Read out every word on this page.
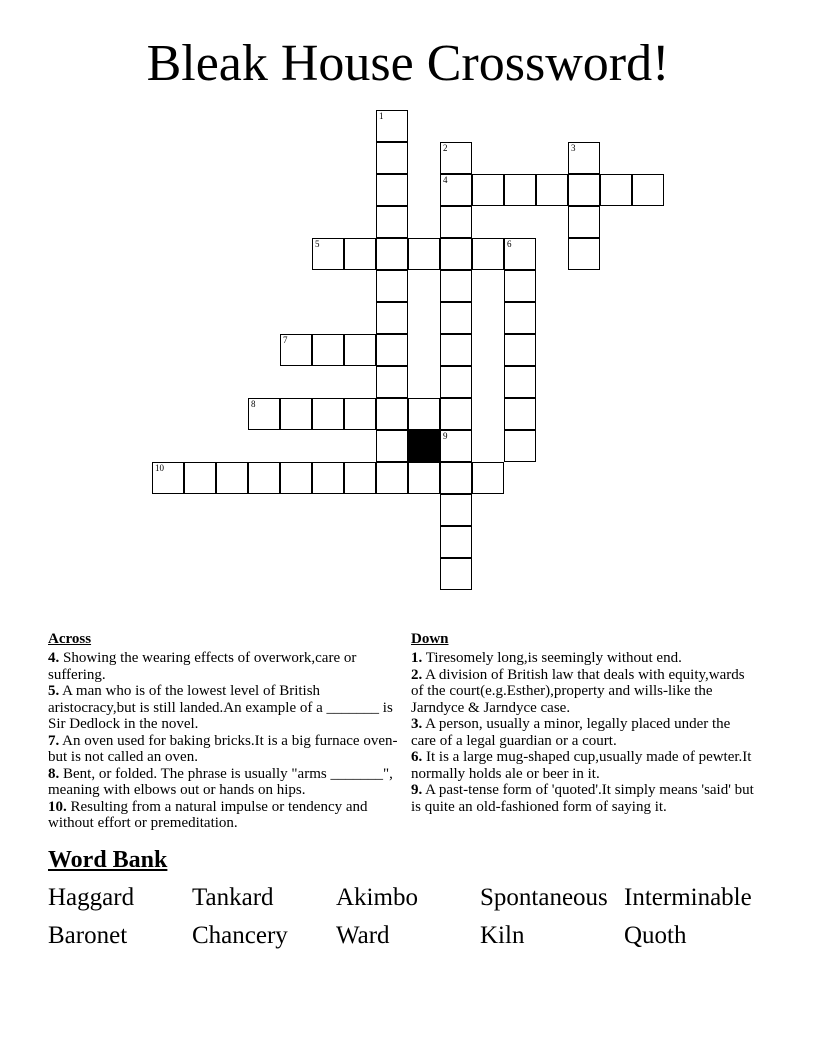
Bleak House Crossword!
1
2	3
4
5	6
7
8
9
10
Across

4. Showing the wearing effects of overwork,care or suffering.

5. A man who is of the lowest level of British aristocracy,but is still landed.An example of a _______ is Sir Dedlock in the novel.

7. An oven used for baking bricks.It is a big furnace oven-but is not called an oven.

8. Bent, or folded. The phrase is usually "arms _______", meaning with elbows out or hands on hips.

10. Resulting from a natural impulse or tendency and without effort or premeditation.

Down

1. Tiresomely long,is seemingly without end.

2. A division of British law that deals with equity,wards of the court(e.g.Esther),property and wills-like the Jarndyce & Jarndyce case.

3. A person, usually a minor, legally placed under the care of a legal guardian or a court.

6. It is a large mug-shaped cup,usually made of pewter.It normally holds ale or beer in it.

9. A past-tense form of 'quoted'.It simply means 'said' but is quite an old-fashioned form of saying it.

Word Bank
Haggard Tankard Akimbo Spontaneous Interminable
Baronet	Chancery Ward	Kiln	Quoth
